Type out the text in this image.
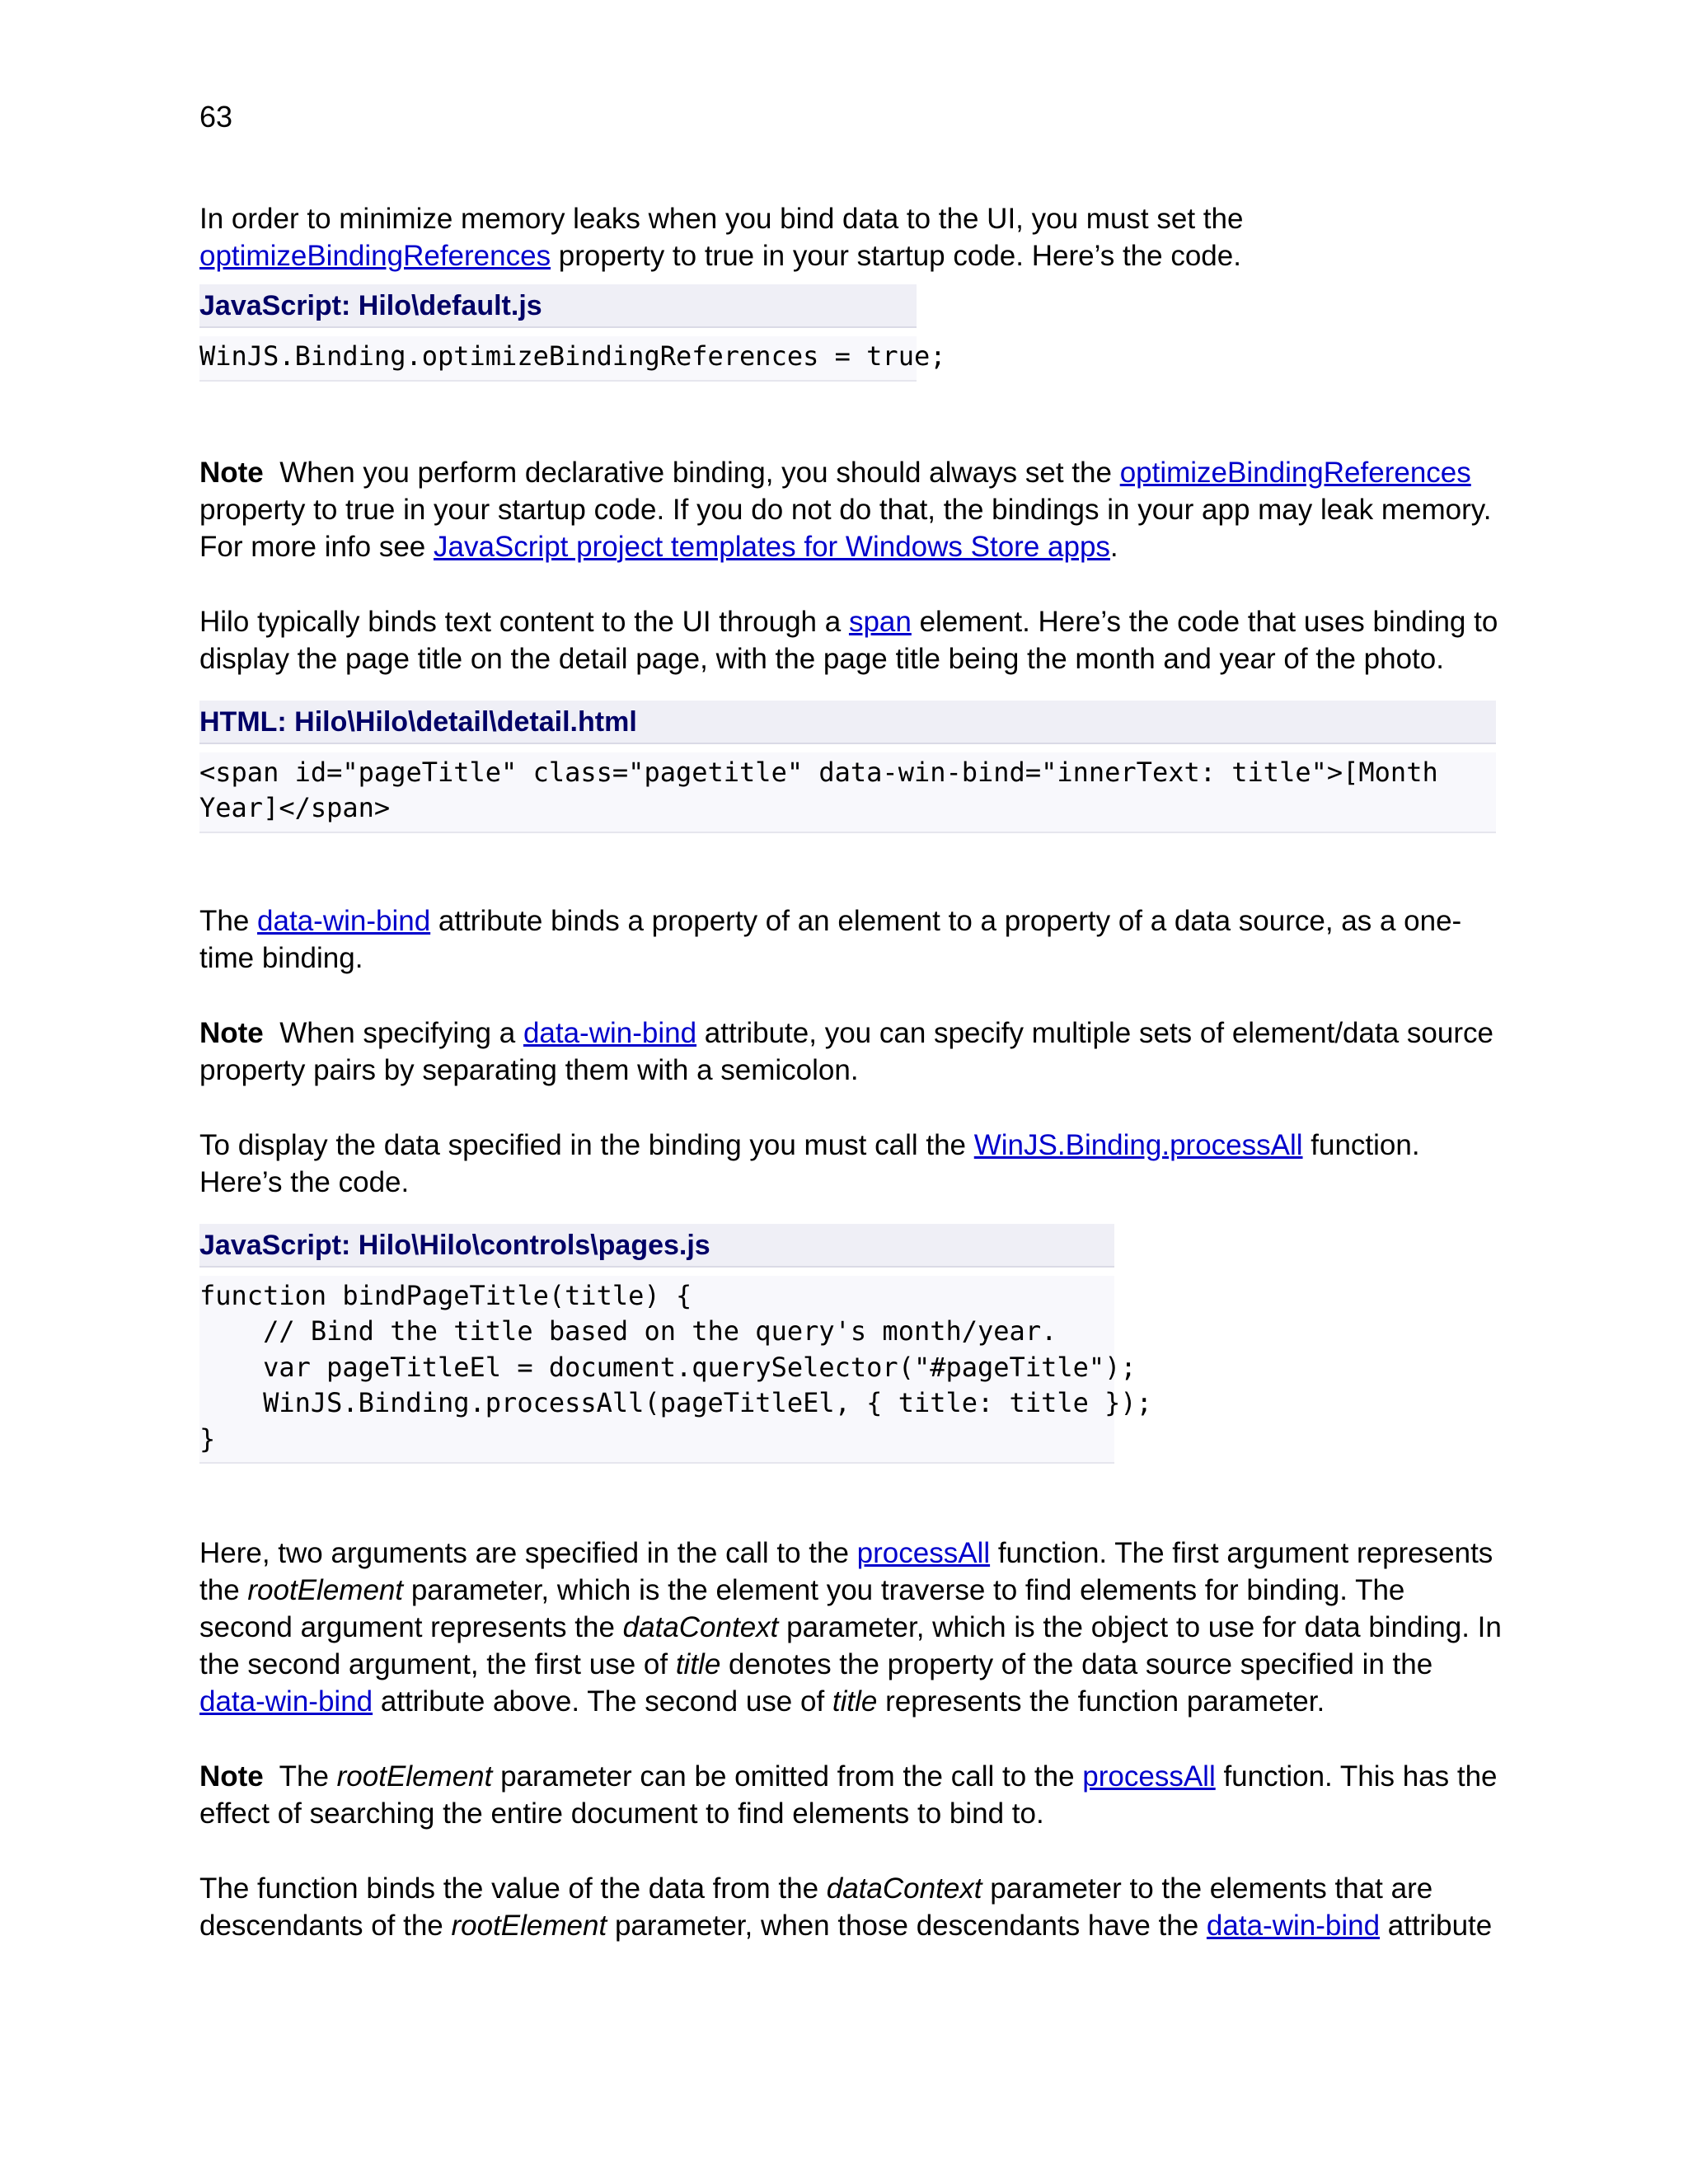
63

In order to minimize memory leaks when you bind data to the UI, you must set the
optimizeBindingReferences property to true in your startup code. Here’s the code.

JavaScript: Hilo\default.js
WinJS.Binding.optimizeBindingReferences = true;

Note  When you perform declarative binding, you should always set the optimizeBindingReferences property to true in your startup code. If you do not do that, the bindings in your app may leak memory. For more info see JavaScript project templates for Windows Store apps.

Hilo typically binds text content to the UI through a span element. Here’s the code that uses binding to display the page title on the detail page, with the page title being the month and year of the photo.

HTML: Hilo\Hilo\detail\detail.html
<span id="pageTitle" class="pagetitle" data-win-bind="innerText: title">[Month
Year]</span>

The data-win-bind attribute binds a property of an element to a property of a data source, as a one-time binding.

Note  When specifying a data-win-bind attribute, you can specify multiple sets of element/data source property pairs by separating them with a semicolon.

To display the data specified in the binding you must call the WinJS.Binding.processAll function. Here’s the code.

JavaScript: Hilo\Hilo\controls\pages.js
function bindPageTitle(title) {
// Bind the title based on the query's month/year.
var pageTitleEl = document.querySelector("#pageTitle");
WinJS.Binding.processAll(pageTitleEl, { title: title });
}

Here, two arguments are specified in the call to the processAll function. The first argument represents the rootElement parameter, which is the element you traverse to find elements for binding. The second argument represents the dataContext parameter, which is the object to use for data binding. In the second argument, the first use of title denotes the property of the data source specified in the data-win-bind attribute above. The second use of title represents the function parameter.

Note  The rootElement parameter can be omitted from the call to the processAll function. This has the effect of searching the entire document to find elements to bind to.

The function binds the value of the data from the dataContext parameter to the elements that are descendants of the rootElement parameter, when those descendants have the data-win-bind attribute
